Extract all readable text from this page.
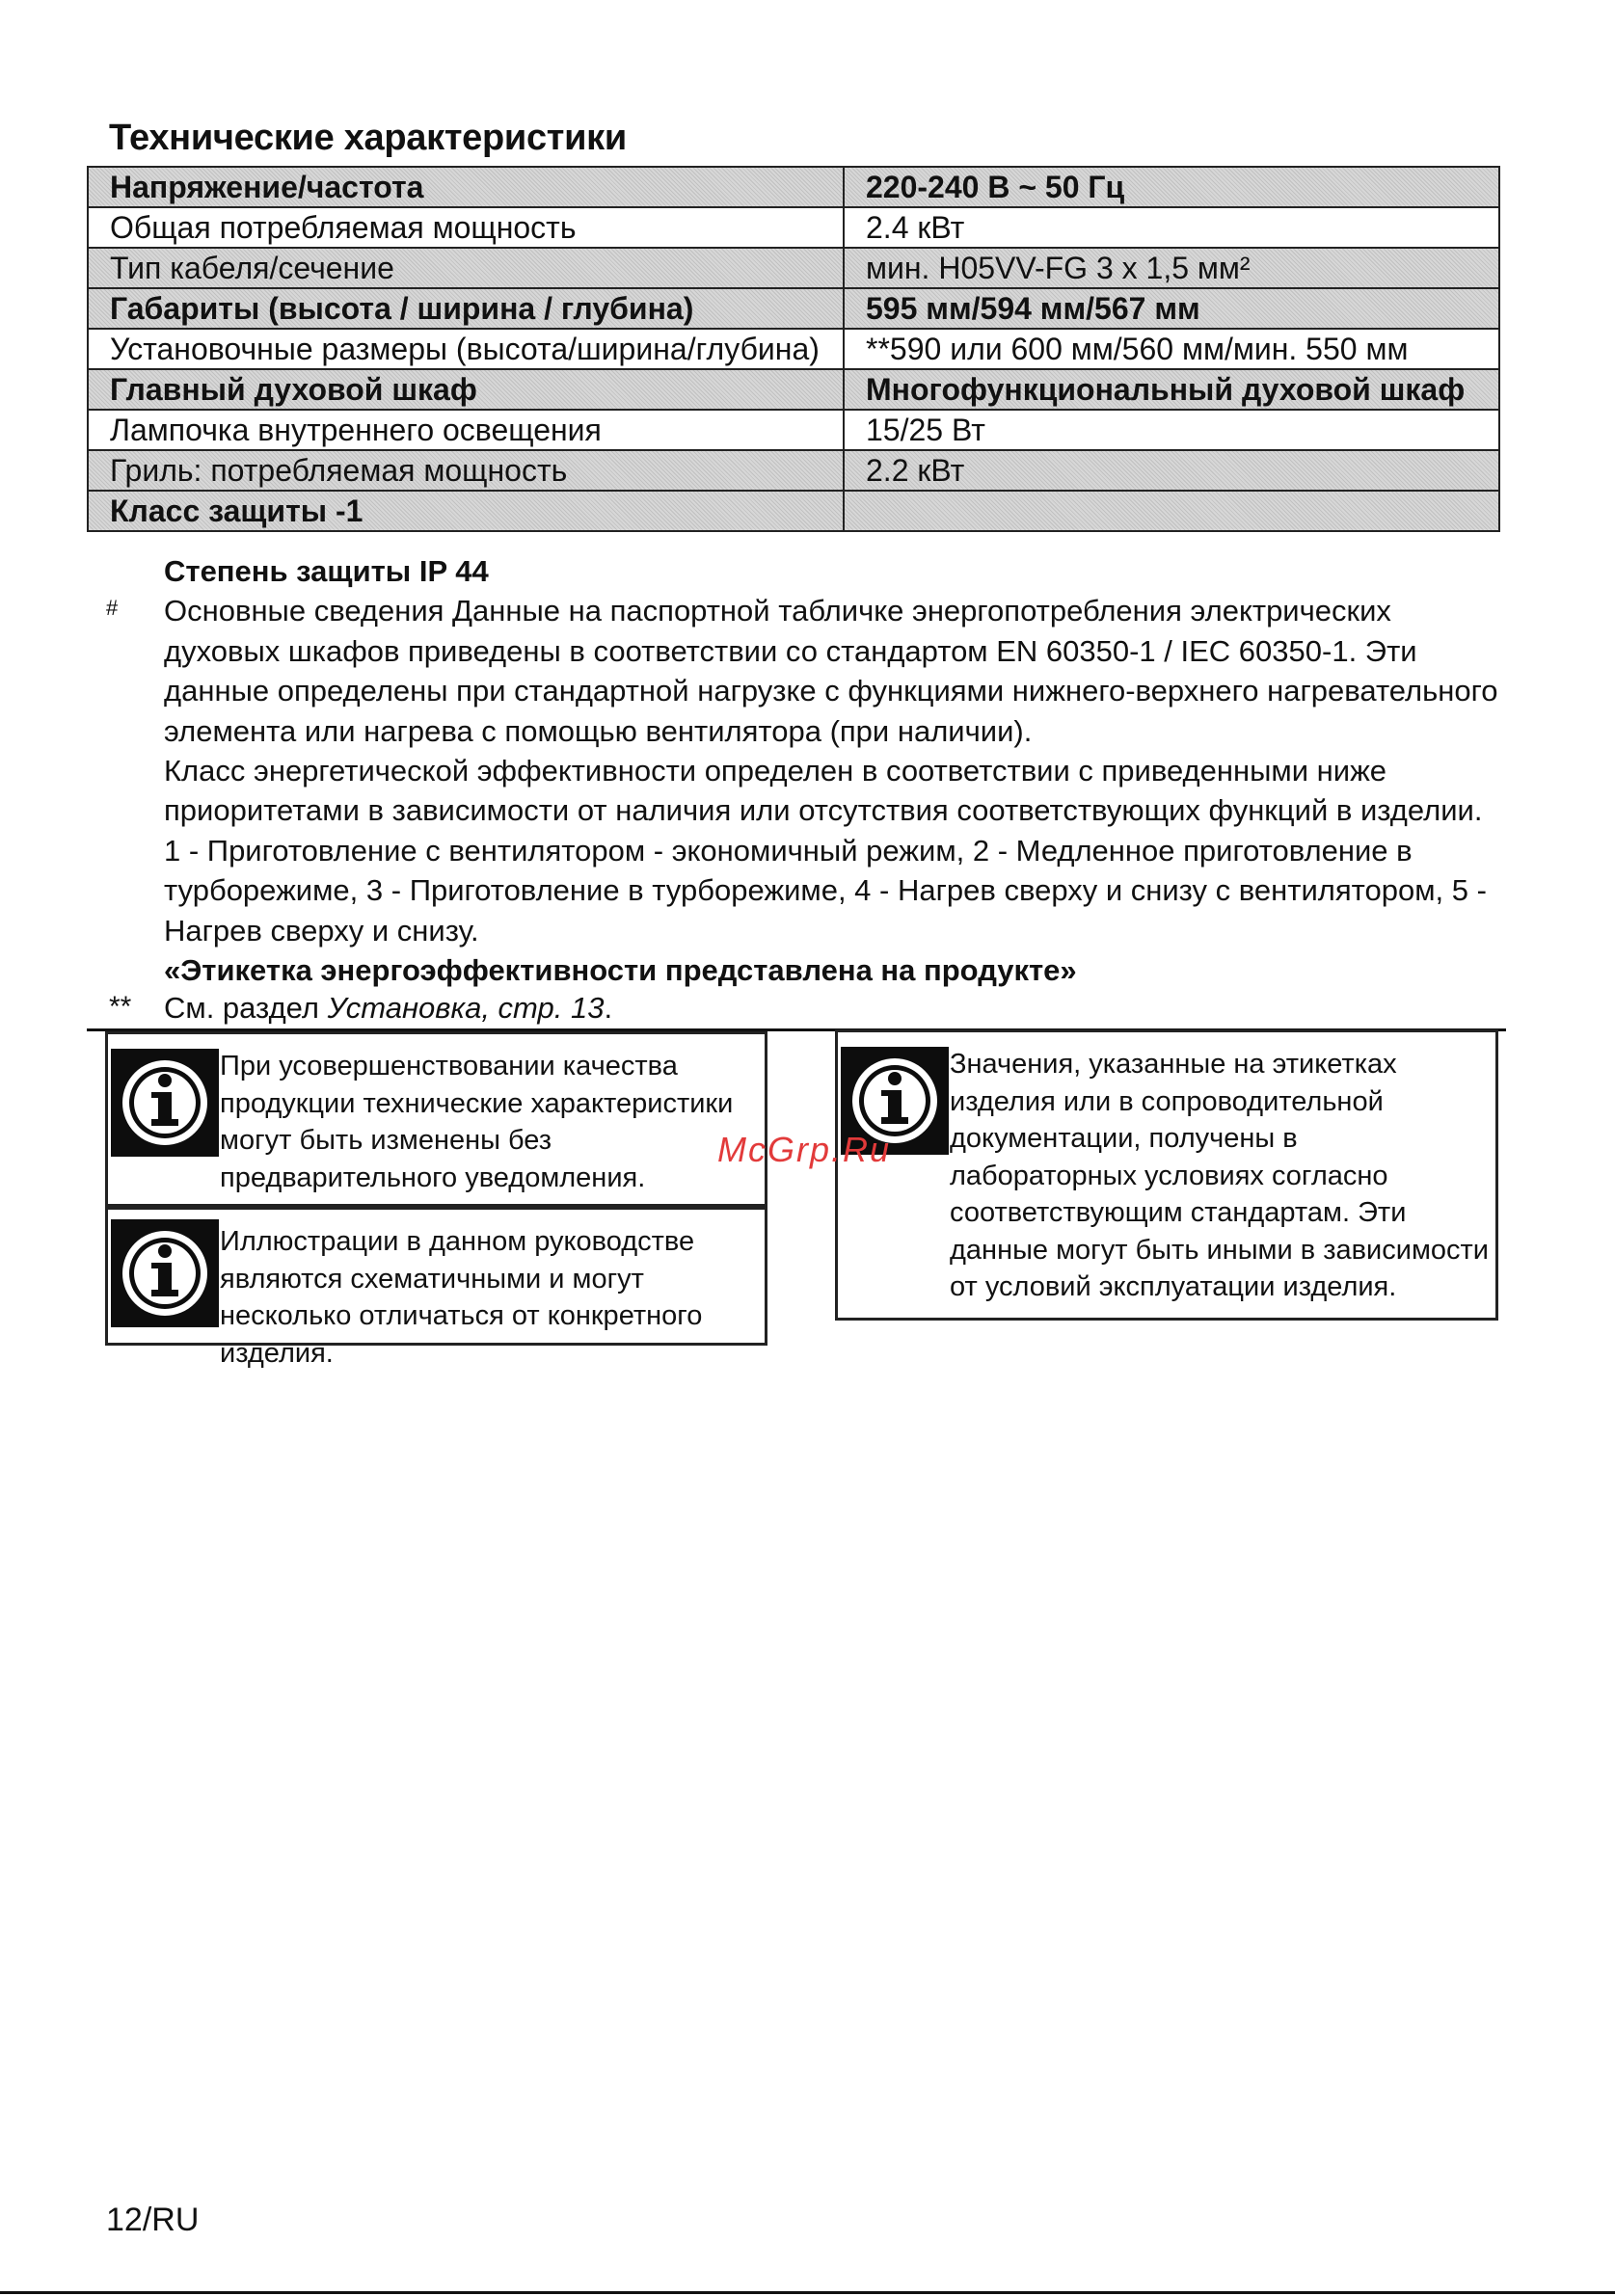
Технические характеристики
Напряжение/частота	220-240 В ~ 50 Гц
Общая потребляемая мощность	2.4 кВт
Тип кабеля/сечение	мин. H05VV-FG 3 х 1,5 мм²
Габариты (высота / ширина / глубина)	595 мм/594 мм/567 мм
Установочные размеры (высота/ширина/глубина)	**590 или 600 мм/560 мм/мин. 550 мм
Главный духовой шкаф	Многофункциональный духовой шкаф
Лампочка внутреннего освещения	15/25 Вт
Гриль: потребляемая мощность	2.2 кВт
Класс защиты -1	
#

Степень защиты IP 44

Основные сведения Данные на паспортной табличке энергопотребления электрических духовых шкафов приведены в соответствии со стандартом EN 60350-1 / IEC 60350-1. Эти данные определены при стандартной нагрузке с функциями нижнего-верхнего нагревательного элемента или нагрева с помощью вентилятора (при наличии).

Класс энергетической эффективности определен в соответствии с приведенными ниже приоритетами в зависимости от наличия или отсутствия соответствующих функций в изделии. 1 - Приготовление с вентилятором - экономичный режим, 2 - Медленное приготовление в турборежиме, 3 - Приготовление в турборежиме, 4 - Нагрев сверху и снизу с вентилятором, 5 - Нагрев сверху и снизу.

«Этикетка энергоэффективности представлена на продукте»

** См. раздел Установка, стр. 13.
При усовершенствовании качества продукции технические характеристики могут быть изменены без предварительного уведомления.
Иллюстрации в данном руководстве являются схематичными и могут несколько отличаться от конкретного изделия.
Значения, указанные на этикетках изделия или в сопроводительной документации, получены в лабораторных условиях согласно соответствующим стандартам. Эти данные могут быть иными в зависимости от условий эксплуатации изделия.
McGrp.Ru
12/RU
